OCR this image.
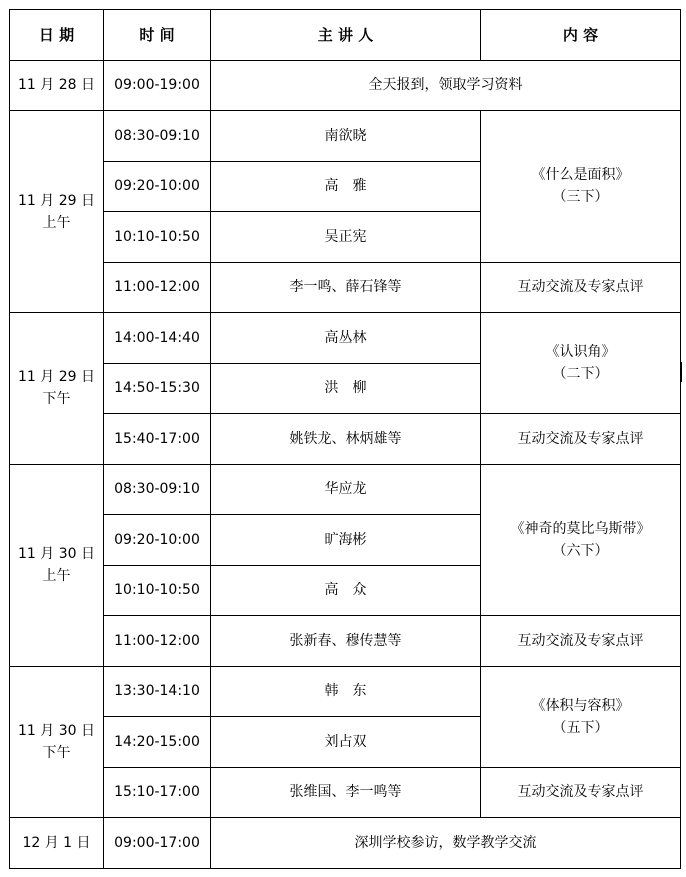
日 期	时 间	主 讲 人	内 容
11 月 28 日	09:00-19:00	全天报到，领取学习资料	

11 月 29 日
上午	08:30-09:10	南欲晓	《什么是面积》
（三下）

	09:20-10:00	高　雅	
	10:10-10:50	吴正宪	
	11:00-12:00	李一鸣、薛石锋等	互动交流及专家点评

11 月 29 日
下午	14:00-14:40	高丛林	《认识角》
（二下）

	14:50-15:30	洪　柳	
	15:40-17:00	姚铁龙、林炳雄等	互动交流及专家点评

11 月 30 日
上午	08:30-09:10	华应龙	《神奇的莫比乌斯带》
（六下）

	09:20-10:00	旷海彬	
	10:10-10:50	高　众	
	11:00-12:00	张新春、穆传慧等	互动交流及专家点评

11 月 30 日
下午	13:30-14:10	韩　东	《体积与容积》
（五下）

	14:20-15:00	刘占双	
	15:10-17:00	张维国、李一鸣等	互动交流及专家点评
12 月 1 日	09:00-17:00	深圳学校参访，数学教学交流	
